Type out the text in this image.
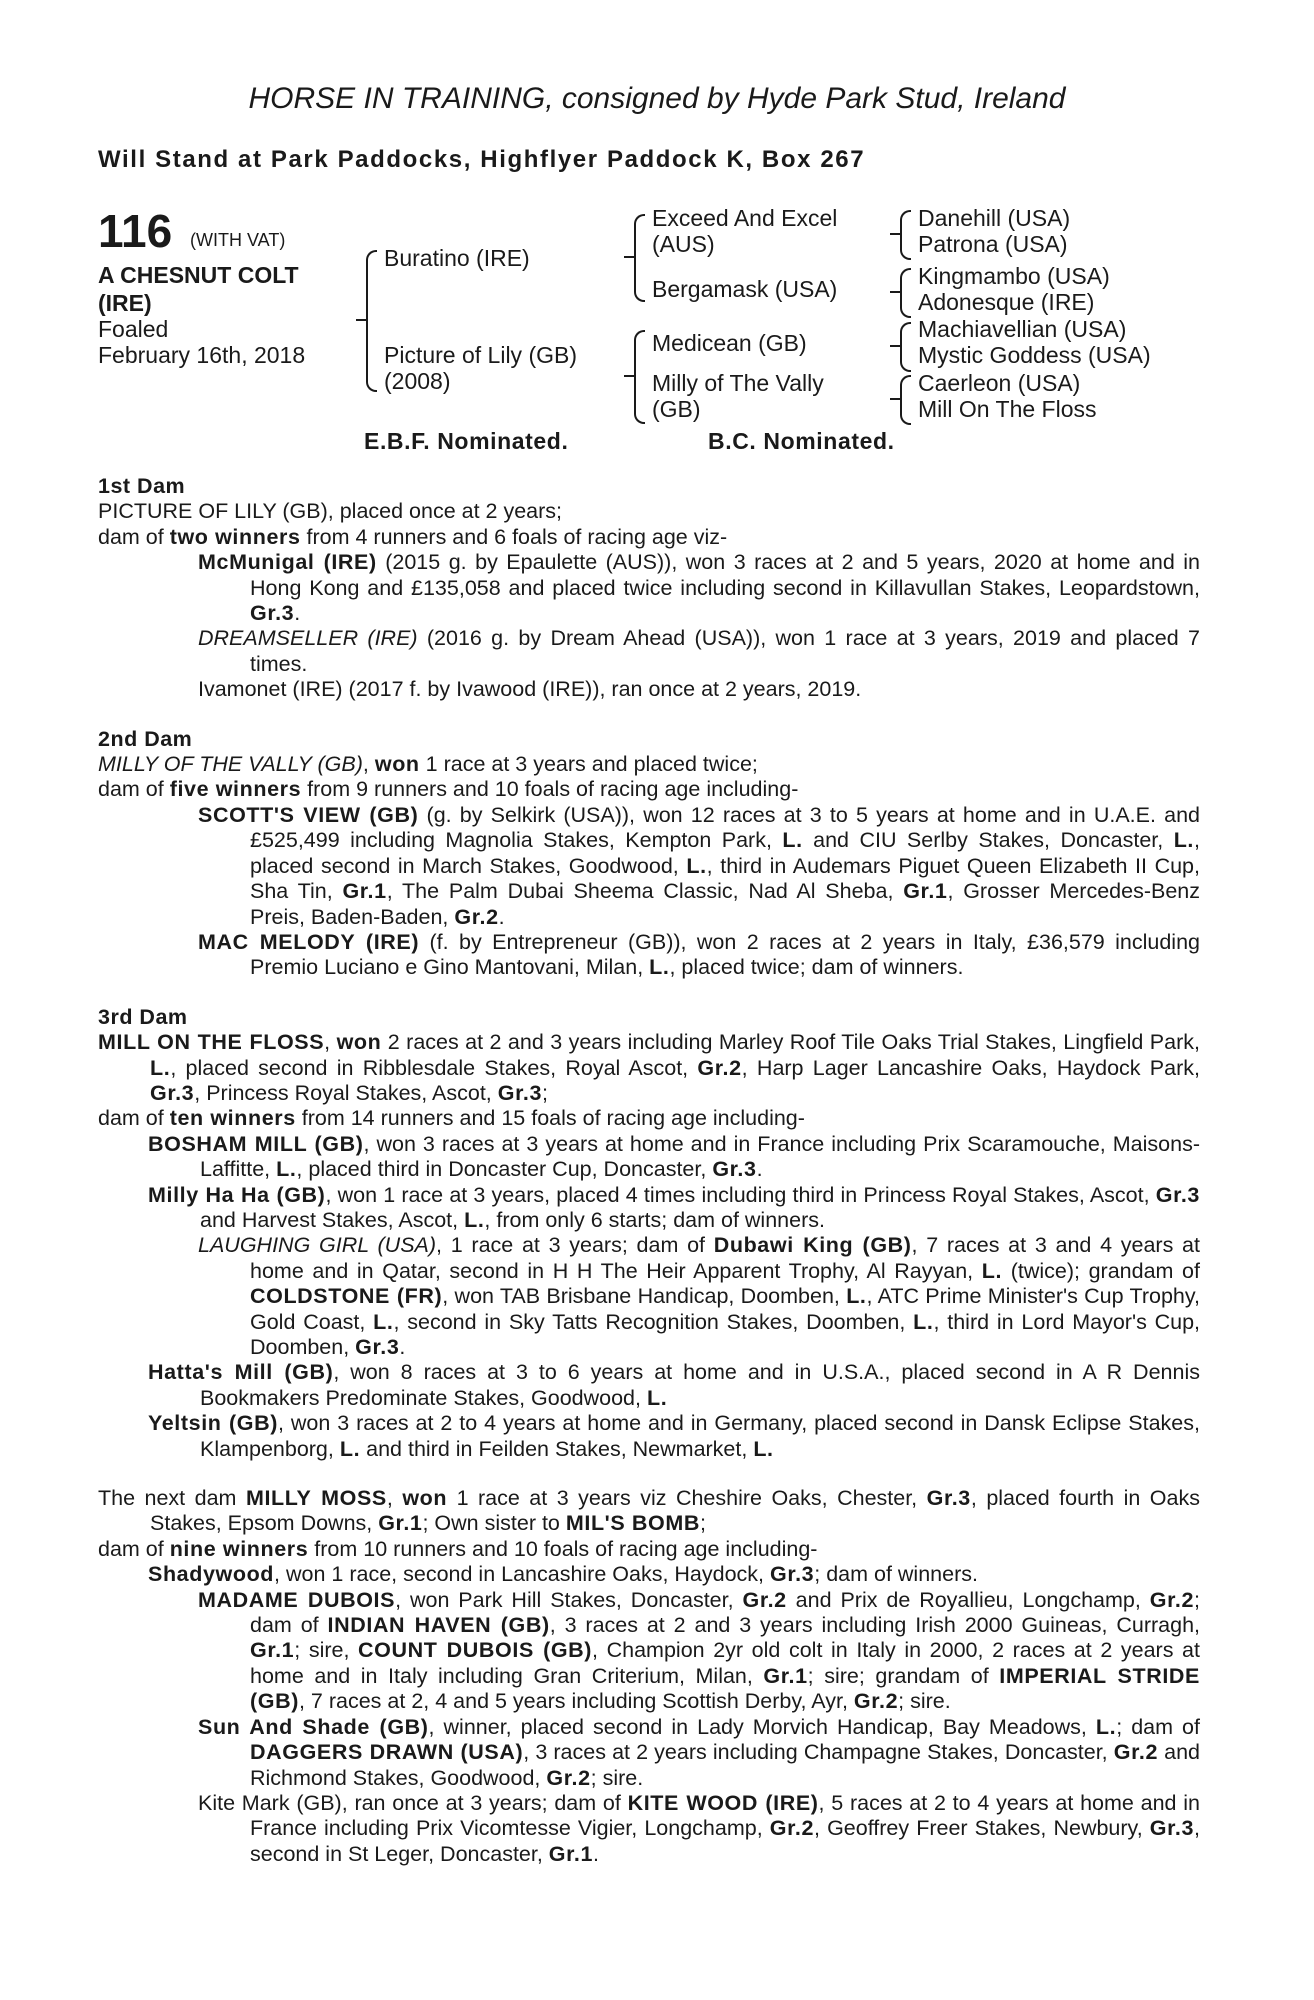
HORSE IN TRAINING, consigned by Hyde Park Stud, Ireland
Will Stand at Park Paddocks, Highflyer Paddock K, Box 267
116 (WITH VAT)
A CHESNUT COLT
(IRE)
Foaled
February 16th, 2018
Buratino (IRE)
Picture of Lily (GB)
(2008)
Exceed And Excel
(AUS)
Bergamask (USA)
Medicean (GB)
Milly of The Vally
(GB)
Danehill (USA)
Patrona (USA)
Kingmambo (USA)
Adonesque (IRE)
Machiavellian (USA)
Mystic Goddess (USA)
Caerleon (USA)
Mill On The Floss
E.B.F. Nominated.	B.C. Nominated.

1st Dam

PICTURE OF LILY (GB), placed once at 2 years;

dam of two winners from 4 runners and 6 foals of racing age viz-

McMunigal (IRE) (2015 g. by Epaulette (AUS)), won 3 races at 2 and 5 years, 2020 at home and in Hong Kong and £135,058 and placed twice including second in Killavullan Stakes, Leopardstown, Gr.3.

DREAMSELLER (IRE) (2016 g. by Dream Ahead (USA)), won 1 race at 3 years, 2019 and placed 7 times.

Ivamonet (IRE) (2017 f. by Ivawood (IRE)), ran once at 2 years, 2019.

2nd Dam

MILLY OF THE VALLY (GB), won 1 race at 3 years and placed twice;

dam of five winners from 9 runners and 10 foals of racing age including-

SCOTT'S VIEW (GB) (g. by Selkirk (USA)), won 12 races at 3 to 5 years at home and in U.A.E. and £525,499 including Magnolia Stakes, Kempton Park, L. and CIU Serlby Stakes, Doncaster, L., placed second in March Stakes, Goodwood, L., third in Audemars Piguet Queen Elizabeth II Cup, Sha Tin, Gr.1, The Palm Dubai Sheema Classic, Nad Al Sheba, Gr.1, Grosser Mercedes-Benz Preis, Baden-Baden, Gr.2.

MAC MELODY (IRE) (f. by Entrepreneur (GB)), won 2 races at 2 years in Italy, £36,579 including Premio Luciano e Gino Mantovani, Milan, L., placed twice; dam of winners.

3rd Dam

MILL ON THE FLOSS, won 2 races at 2 and 3 years including Marley Roof Tile Oaks Trial Stakes, Lingfield Park, L., placed second in Ribblesdale Stakes, Royal Ascot, Gr.2, Harp Lager Lancashire Oaks, Haydock Park, Gr.3, Princess Royal Stakes, Ascot, Gr.3;

dam of ten winners from 14 runners and 15 foals of racing age including-

BOSHAM MILL (GB), won 3 races at 3 years at home and in France including Prix Scaramouche, Maisons-Laffitte, L., placed third in Doncaster Cup, Doncaster, Gr.3.

Milly Ha Ha (GB), won 1 race at 3 years, placed 4 times including third in Princess Royal Stakes, Ascot, Gr.3 and Harvest Stakes, Ascot, L., from only 6 starts; dam of winners.

LAUGHING GIRL (USA), 1 race at 3 years; dam of Dubawi King (GB), 7 races at 3 and 4 years at home and in Qatar, second in H H The Heir Apparent Trophy, Al Rayyan, L. (twice); grandam of COLDSTONE (FR), won TAB Brisbane Handicap, Doomben, L., ATC Prime Minister's Cup Trophy, Gold Coast, L., second in Sky Tatts Recognition Stakes, Doomben, L., third in Lord Mayor's Cup, Doomben, Gr.3.

Hatta's Mill (GB), won 8 races at 3 to 6 years at home and in U.S.A., placed second in A R Dennis Bookmakers Predominate Stakes, Goodwood, L.

Yeltsin (GB), won 3 races at 2 to 4 years at home and in Germany, placed second in Dansk Eclipse Stakes, Klampenborg, L. and third in Feilden Stakes, Newmarket, L.

The next dam MILLY MOSS, won 1 race at 3 years viz Cheshire Oaks, Chester, Gr.3, placed fourth in Oaks Stakes, Epsom Downs, Gr.1; Own sister to MIL'S BOMB;

dam of nine winners from 10 runners and 10 foals of racing age including-

Shadywood, won 1 race, second in Lancashire Oaks, Haydock, Gr.3; dam of winners.

MADAME DUBOIS, won Park Hill Stakes, Doncaster, Gr.2 and Prix de Royallieu, Longchamp, Gr.2; dam of INDIAN HAVEN (GB), 3 races at 2 and 3 years including Irish 2000 Guineas, Curragh, Gr.1; sire, COUNT DUBOIS (GB), Champion 2yr old colt in Italy in 2000, 2 races at 2 years at home and in Italy including Gran Criterium, Milan, Gr.1; sire; grandam of IMPERIAL STRIDE (GB), 7 races at 2, 4 and 5 years including Scottish Derby, Ayr, Gr.2; sire.

Sun And Shade (GB), winner, placed second in Lady Morvich Handicap, Bay Meadows, L.; dam of DAGGERS DRAWN (USA), 3 races at 2 years including Champagne Stakes, Doncaster, Gr.2 and Richmond Stakes, Goodwood, Gr.2; sire.

Kite Mark (GB), ran once at 3 years; dam of KITE WOOD (IRE), 5 races at 2 to 4 years at home and in France including Prix Vicomtesse Vigier, Longchamp, Gr.2, Geoffrey Freer Stakes, Newbury, Gr.3, second in St Leger, Doncaster, Gr.1.
